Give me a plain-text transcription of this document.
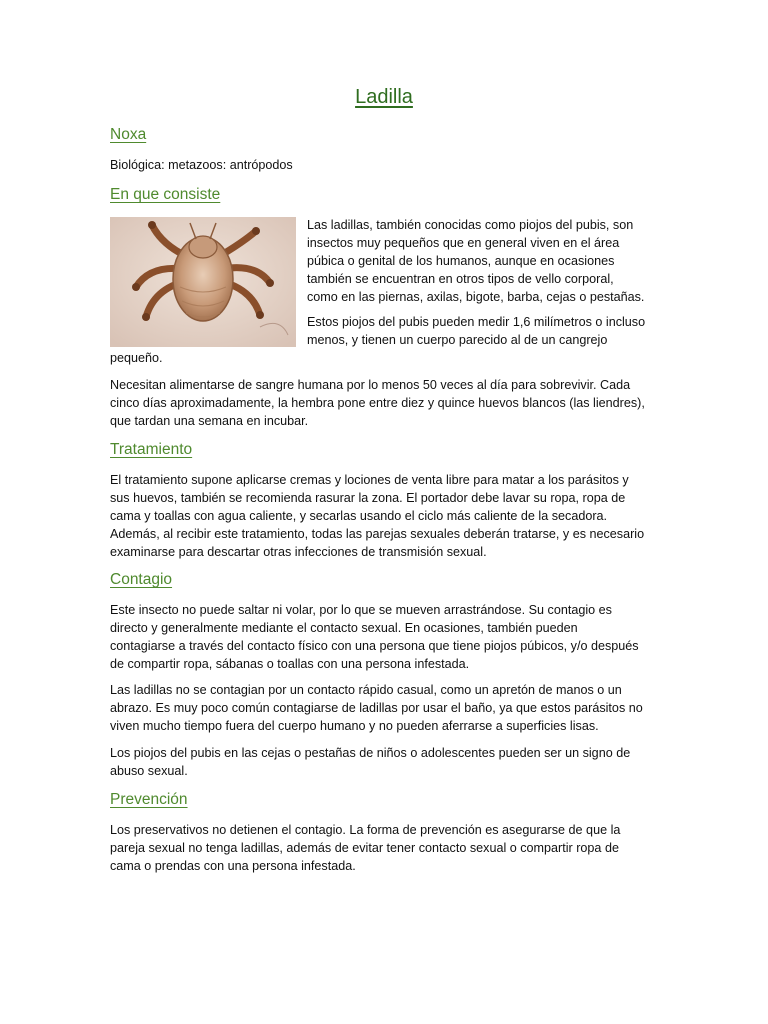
Ladilla
Noxa
Biológica: metazoos: antrópodos
En que consiste
Las ladillas, también conocidas como piojos del pubis, son
insectos muy pequeños que en general viven en el área
púbica o genital de los humanos, aunque en ocasiones
también se encuentran en otros tipos de vello corporal,
como en las piernas, axilas, bigote, barba, cejas o pestañas.
Estos piojos del pubis pueden medir 1,6 milímetros o incluso
menos, y tienen un cuerpo parecido al de un cangrejo
pequeño.
Necesitan alimentarse de sangre humana por lo menos 50 veces al día para sobrevivir. Cada
cinco días aproximadamente, la hembra pone entre diez y quince huevos blancos (las liendres),
que tardan una semana en incubar.
Tratamiento
El tratamiento supone aplicarse cremas y lociones de venta libre para matar a los parásitos y
sus huevos, también se recomienda rasurar la zona. El portador debe lavar su ropa, ropa de
cama y toallas con agua caliente, y secarlas usando el ciclo más caliente de la secadora.
Además, al recibir este tratamiento, todas las parejas sexuales deberán tratarse, y es necesario
examinarse para descartar otras infecciones de transmisión sexual.
Contagio
Este insecto no puede saltar ni volar, por lo que se mueven arrastrándose. Su contagio es
directo y generalmente mediante el contacto sexual. En ocasiones, también pueden
contagiarse a través del contacto físico con una persona que tiene piojos púbicos, y/o después
de compartir ropa, sábanas o toallas con una persona infestada.
Las ladillas no se contagian por un contacto rápido casual, como un apretón de manos o un
abrazo. Es muy poco común contagiarse de ladillas por usar el baño, ya que estos parásitos no
viven mucho tiempo fuera del cuerpo humano y no pueden aferrarse a superficies lisas.
Los piojos del pubis en las cejas o pestañas de niños o adolescentes pueden ser un signo de
abuso sexual.
Prevención
Los preservativos no detienen el contagio. La forma de prevención es asegurarse de que la
pareja sexual no tenga ladillas, además de evitar tener contacto sexual o compartir ropa de
cama o prendas con una persona infestada.
